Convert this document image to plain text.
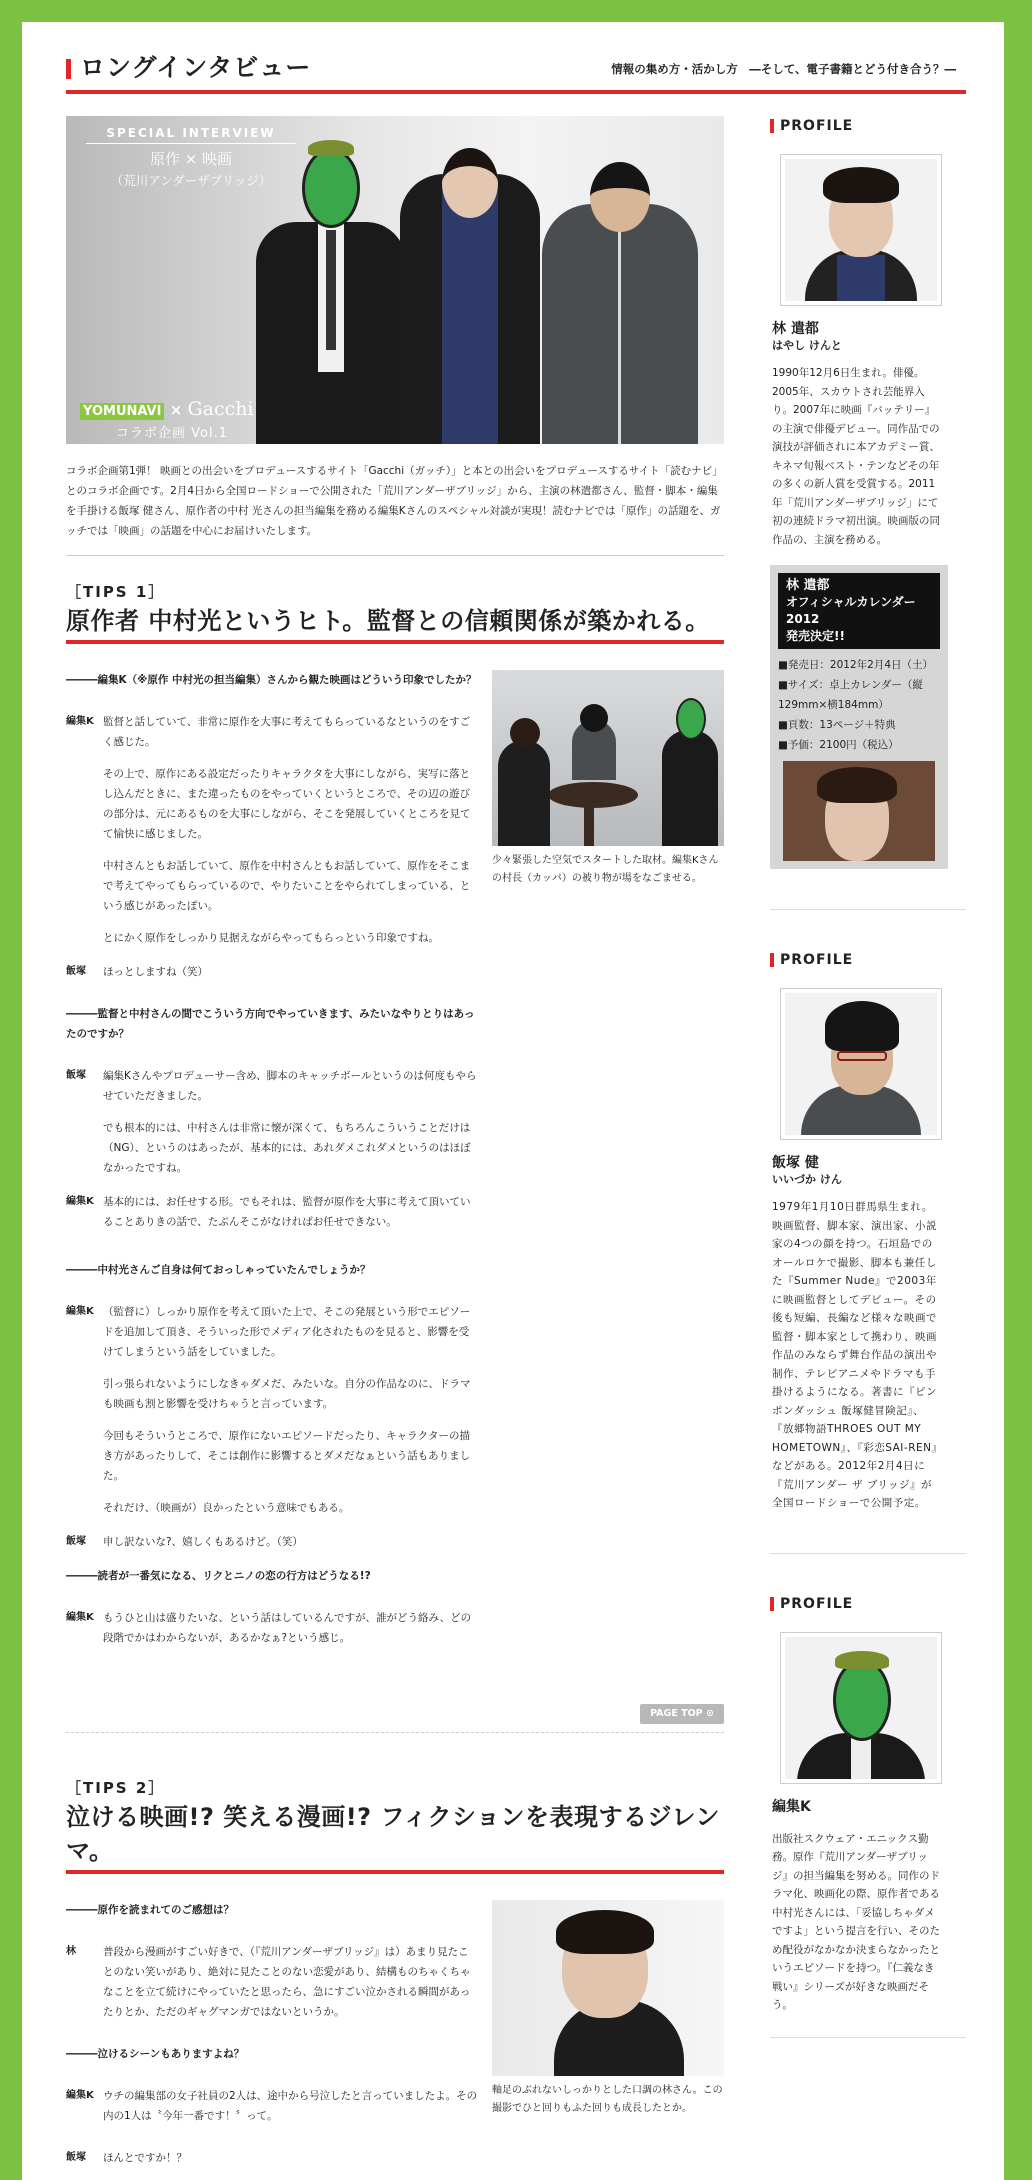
ロングインタビュー	情報の集め方・活かし方　―そして、電子書籍とどう付き合う？―
SPECIAL INTERVIEW
原作 × 映画
（荒川アンダーザブリッジ）
YOMUNAVI × Gacchi
コラボ企画 Vol.1

コラボ企画第1弾！ 映画との出会いをプロデュースするサイト「Gacchi（ガッチ）」と本との出会いをプロデュースするサイト「読むナビ」とのコラボ企画です。2月4日から全国ロードショーで公開された「荒川アンダーザブリッジ」から、主演の林遣都さん、監督・脚本・編集を手掛ける飯塚 健さん、原作者の中村 光さんの担当編集を務める編集Kさんのスペシャル対談が実現！読むナビでは「原作」の話題を、ガッチでは「映画」の話題を中心にお届けいたします。

［TIPS 1］
原作者 中村光というヒト。監督との信頼関係が築かれる。

―――編集K（※原作 中村光の担当編集）さんから観た映画はどういう印象でしたか？

編集K 監督と話していて、非常に原作を大事に考えてもらっているなというのをすごく感じた。

その上で、原作にある設定だったりキャラクタを大事にしながら、実写に落とし込んだときに、また違ったものをやっていくというところで、その辺の遊びの部分は、元にあるものを大事にしながら、そこを発展していくところを見てて愉快に感じました。

中村さんともお話していて、原作を中村さんともお話していて、原作をそこまで考えてやってもらっているので、やりたいことをやられてしまっている、という感じがあったぽい。

とにかく原作をしっかり見据えながらやってもらっという印象ですね。

飯塚	ほっとしますね（笑）

―――監督と中村さんの間でこういう方向でやっていきます、みたいなやりとりはあったのですか？

飯塚	編集Kさんやプロデューサー含め、脚本のキャッチボールというのは何度もやらせていただきました。

でも根本的には、中村さんは非常に懐が深くて、もちろんこういうことだけは（NG）、というのはあったが、基本的には、あれダメこれダメというのはほぼなかったですね。

編集K 基本的には、お任せする形。でもそれは、監督が原作を大事に考えて頂いていることありきの話で、たぶんそこがなければお任せできない。

―――中村光さんご自身は何ておっしゃっていたんでしょうか？

編集K （監督に）しっかり原作を考えて頂いた上で、そこの発展という形でエピソードを追加して頂き、そういった形でメディア化されたものを見ると、影響を受けてしまうという話をしていました。

引っ張られないようにしなきゃダメだ、みたいな。自分の作品なのに、ドラマも映画も割と影響を受けちゃうと言っています。

今回もそういうところで、原作にないエピソードだったり、キャラクターの描き方があったりして、そこは創作に影響するとダメだなぁという話もありました。

それだけ、（映画が）良かったという意味でもある。

飯塚	申し訳ないな?、嬉しくもあるけど。（笑）

―――読者が一番気になる、リクとニノの恋の行方はどうなる!?

編集K もうひと山は盛りたいな、という話はしているんですが、誰がどう絡み、どの段階でかはわからないが、あるかなぁ?という感じ。

少々緊張した空気でスタートした取材。編集Kさんの村長（カッパ）の被り物が場をなごませる。

PAGE TOP ⊙
［TIPS 2］
泣ける映画!? 笑える漫画!? フィクションを表現するジレンマ。

―――原作を読まれてのご感想は？

林	普段から漫画がすごい好きで、（『荒川アンダーザブリッジ』は）あまり見たことのない笑いがあり、絶対に見たことのない恋愛があり、結構ものちゃくちゃなことを立て続けにやっていたと思ったら、急にすごい泣かされる瞬間があったりとか、ただのギャグマンガではないというか。

―――泣けるシーンもありますよね？

編集K ウチの編集部の女子社員の2人は、途中から号泣したと言っていましたよ。その内の1人は〝今年一番です！〞って。

飯塚	ほんとですか！？

軸足のぶれないしっかりとした口調の林さん。この撮影でひと回りもふた回りも成長したとか。

PROFILE
林 遣都
はやし けんと

1990年12月6日生まれ。俳優。2005年、スカウトされ芸能界入り。2007年に映画『バッテリー』の主演で俳優デビュー。同作品での演技が評価されに本アカデミー賞、キネマ旬報ベスト・テンなどその年の多くの新人賞を受賞する。2011年「荒川アンダーザブリッジ」にて初の連続ドラマ初出演。映画版の同作品の、主演を務める。

林 遣都
オフィシャルカレンダー
2012
発売決定!!
■発売日：2012年2月4日（土）
■サイズ：卓上カレンダー（縦129mm×横184mm）
■頁数：13ページ＋特典
■予価：2100円（税込）
PROFILE
飯塚 健
いいづか けん

1979年1月10日群馬県生まれ。映画監督、脚本家、演出家、小説家の4つの顔を持つ。石垣島でのオールロケで撮影、脚本も兼任した『Summer Nude』で2003年に映画監督としてデビュー。その後も短編、長編など様々な映画で監督・脚本家として携わり、映画作品のみならず舞台作品の演出や制作、テレビアニメやドラマも手掛けるようになる。著書に『ピンポンダッシュ 飯塚健冒険記』、『放郷物語THROES OUT MY HOMETOWN』、『彩恋SAI-REN』などがある。2012年2月4日に『荒川アンダー ザ ブリッジ』が全国ロードショーで公開予定。

PROFILE
編集K

出版社スクウェア・エニックス勤務。原作『荒川アンダーザブリッジ』の担当編集を努める。同作のドラマ化、映画化の際、原作者である中村光さんには、「妥協しちゃダメですよ」という提言を行い、そのため配役がなかなか決まらなかったというエピソードを持つ。『仁義なき戦い』シリーズが好きな映画だそう。
